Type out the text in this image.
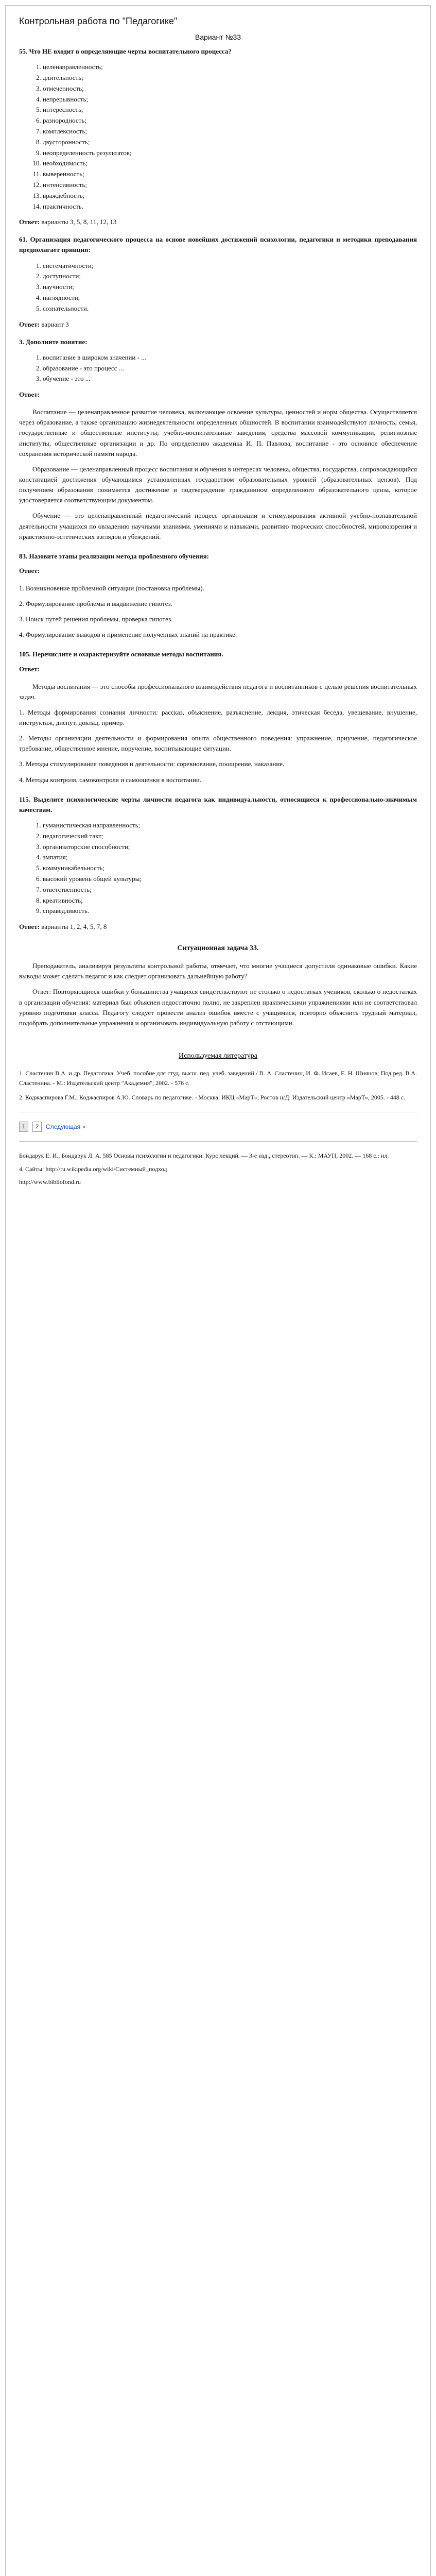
Контрольная работа по "Педагогике"
Вариант №33

55. Что НЕ входит в определяющие черты воспитательного процесса?

1. целенаправленность;
2. длительность;
3. отмеченность;
4. непрерывность;
5. интересность;
6. разнородность;
7. комплексность;
8. двусторонность;
9. неопределенность результатов;
10. необходимость;
11. выверенность;
12. интенсивность;
13. враждебность;
14. практичность.
Ответ: варианты 3, 5, 8, 11, 12, 13

61. Организация педагогического процесса на основе новейших достижений психологии, педагогики и методики преподавания предполагает принцип:

1. систематичности;
2. доступности;
3. научности;
4. наглядности;
5. сознательности.
Ответ: вариант 3

3. Дополните понятие:

1. воспитание в широком значении - ...
2. образование - это процесс ...
3. обучение - это ...
Ответ:

Воспитание — целенаправленное развитие человека, включающее освоение культуры, ценностей и норм общества. Осуществляется через образование, а также организацию жизнедеятельности определенных общностей. В воспитании взаимодействуют личность, семья, государственные и общественные институты; учебно-воспитательные заведения, средства массовой коммуникации, религиозные институты, общественные организации и др. По определению академика И. П. Павлова, воспитание - это основное обеспечение сохранения исторической памяти народа.

Образование — целенаправленный процесс воспитания и обучения в интересах человека, общества, государства, сопровождающийся констатацией достижения обучающимся установленных государством образовательных уровней (образовательных цензов). Под получением образования понимается достижение и подтверждение гражданином определенного образовательного ценза, которое удостоверяется соответствующим документом.

Обучение — это целенаправленный педагогический процесс организации и стимулирования активной учебно-познавательной деятельности учащихся по овладению научными знаниями, умениями и навыками, развитию творческих способностей, мировоззрения и нравственно-эстетических взглядов и убеждений.

83. Назовите этапы реализации метода проблемного обучения:

Ответ:

1. Возникновение проблемной ситуации (постановка проблемы).

2. Формулирование проблемы и выдвижение гипотез.

3. Поиск путей решения проблемы, проверка гипотез.

4. Формулирование выводов и применение полученных знаний на практике.

105. Перечислите и охарактеризуйте основные методы воспитания.

Ответ:

Методы воспитания — это способы профессионального взаимодействия педагога и воспитанников с целью решения воспитательных задач.

1. Методы формирования сознания личности: рассказ, объяснение, разъяснение, лекция, этическая беседа, увещевание, внушение, инструктаж, диспут, доклад, пример.

2. Методы организации деятельности и формирования опыта общественного поведения: упражнение, приучение, педагогическое требование, общественное мнение, поручение, воспитывающие ситуации.

3. Методы стимулирования поведения и деятельности: соревнование, поощрение, наказание.

4. Методы контроля, самоконтроля и самооценки в воспитании.

115. Выделите психологические черты личности педагога как индивидуальности, относящиеся к профессионально-значимым качествам.

1. гуманистическая направленность;
2. педагогический такт;
3. организаторские способности;
4. эмпатия;
5. коммуникабельность;
6. высокий уровень общей культуры;
7. ответственность;
8. креативность;
9. справедливость.
Ответ: варианты 1, 2, 4, 5, 7, 8
Ситуационная задача 33.

Преподаватель, анализируя результаты контрольной работы, отмечает, что многие учащиеся допустили одинаковые ошибки. Какие выводы может сделать педагог и как следует организовать дальнейшую работу?

Ответ: Повторяющиеся ошибки у большинства учащихся свидетельствуют не столько о недостатках учеников, сколько о недостатках в организации обучения: материал был объяснен недостаточно полно, не закреплен практическими упражнениями или не соответствовал уровню подготовки класса. Педагогу следует провести анализ ошибок вместе с учащимися, повторно объяснить трудный материал, подобрать дополнительные упражнения и организовать индивидуальную работу с отстающими.

Используемая литература

1. Сластенин В.А. и др. Педагогика: Учеб. пособие для студ. высш. пед. учеб. заведений / В. А. Сластенин, И. Ф. Исаев, Е. Н. Шиянов; Под ред. В.А. Сластенина. - М.: Издательский центр "Академия", 2002. - 576 с.

2. Коджаспирова Г.М., Коджаспиров А.Ю. Словарь по педагогике. - Москва: ИКЦ «МарТ»; Ростов н/Д: Издательский центр «МарТ», 2005. - 448 с.

1	2	Следующая »

Бондарук Е. И., Бондарук Л. А. 585 Основы психологии и педагогики: Курс лекций. — 3-е изд., стереотип. — К.: МАУП, 2002. — 168 с.: ил.

4. Сайты: http://ru.wikipedia.org/wiki/Системный_подход
http://www.bibliofond.ru
